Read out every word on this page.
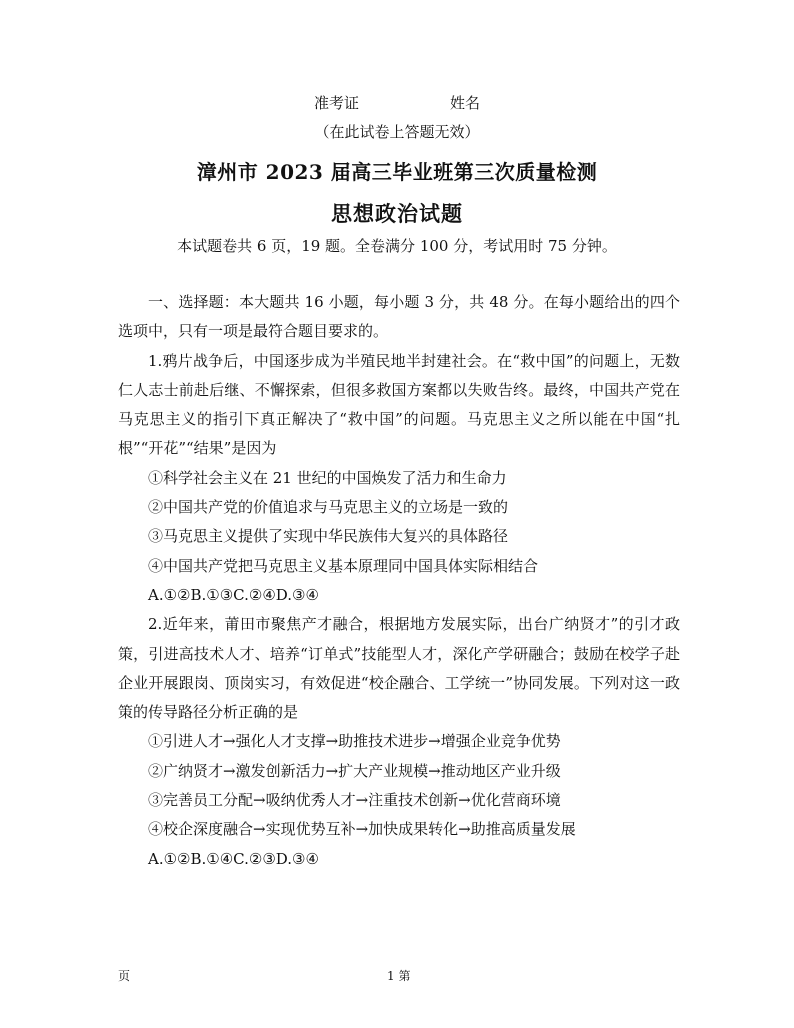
准考证	姓名
（在此试卷上答题无效）
漳州市 2023 届高三毕业班第三次质量检测
思想政治试题
本试题卷共 6 页，19 题。全卷满分 100 分，考试用时 75 分钟。

一、选择题：本大题共 16 小题，每小题 3 分，共 48 分。在每小题给出的四个选项中，只有一项是最符合题目要求的。

1.鸦片战争后，中国逐步成为半殖民地半封建社会。在“救中国”的问题上，无数仁人志士前赴后继、不懈探索，但很多救国方案都以失败告终。最终，中国共产党在马克思主义的指引下真正解决了“救中国”的问题。马克思主义之所以能在中国“扎根”“开花”“结果”是因为

①科学社会主义在 21 世纪的中国焕发了活力和生命力

②中国共产党的价值追求与马克思主义的立场是一致的

③马克思主义提供了实现中华民族伟大复兴的具体路径

④中国共产党把马克思主义基本原理同中国具体实际相结合

A.①②B.①③C.②④D.③④

2.近年来，莆田市聚焦产才融合，根据地方发展实际，出台广纳贤才”的引才政策，引进高技术人才、培养“订单式”技能型人才，深化产学研融合；鼓励在校学子赴企业开展跟岗、顶岗实习，有效促进“校企融合、工学统一”协同发展。下列对这一政策的传导路径分析正确的是

①引进人才→强化人才支撑→助推技术进步→增强企业竞争优势

②广纳贤才→激发创新活力→扩大产业规模→推动地区产业升级

③完善员工分配→吸纳优秀人才→注重技术创新→优化营商环境

④校企深度融合→实现优势互补→加快成果转化→助推高质量发展

A.①②B.①④C.②③D.③④

页	1 第
